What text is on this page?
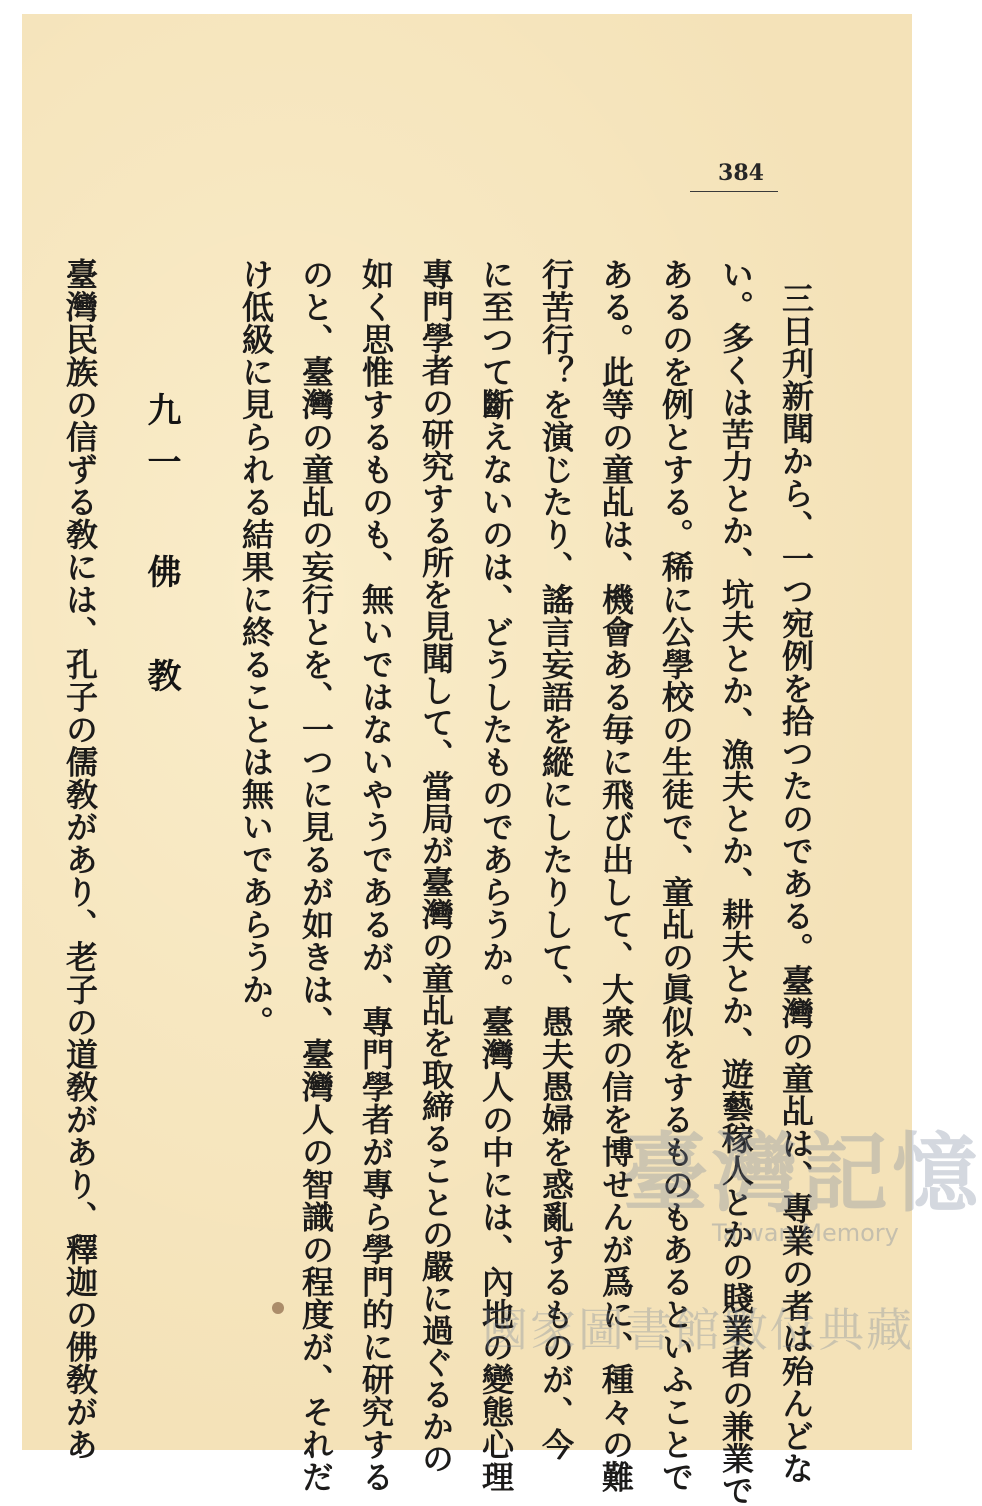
384
三日刋新聞から、一つ宛例を拾つたのである。臺灣の童乩は、專業の者は殆んどな
い。多くは苦力とか、坑夫とか、漁夫とか、耕夫とか、遊藝稼人とかの賤業者の兼業で
あるのを例とする。稀に公學校の生徒で、童乩の眞似をするものもあるといふことで
ある。此等の童乩は、機會ある毎に飛び出して、大衆の信を博せんが爲に、種々の難
行苦行？を演じたり、謠言妄語を縱にしたりして、愚夫愚婦を惑亂するものが、今
に至つて斷えないのは、どうしたものであらうか。臺灣人の中には、內地の變態心理
專門學者の研究する所を見聞して、當局が臺灣の童乩を取締ることの嚴に過ぐるかの
如く思惟するものも、無いではないやうであるが、專門學者が專ら學門的に研究する
のと、臺灣の童乩の妄行とを、一つに見るが如きは、臺灣人の智識の程度が、それだ
け低級に見られる結果に終ることは無いであらうか。
九一 佛　教
臺灣民族の信ずる敎には、孔子の儒敎があり、老子の道敎があり、釋迦の佛敎があ	臺灣記憶
Taiwan Memory
國家圖書館數位典藏
